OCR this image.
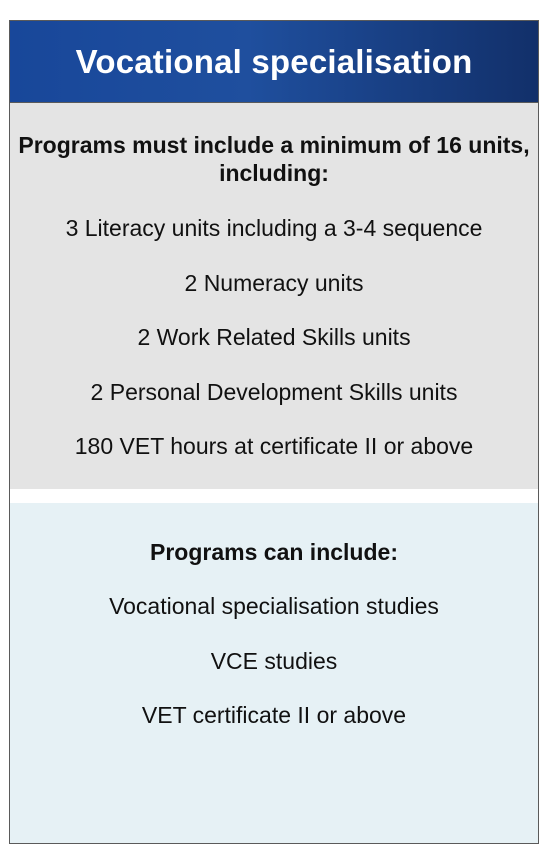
Vocational specialisation

Programs must include a minimum of 16 units, including:

3 Literacy units including a 3-4 sequence

2 Numeracy units

2 Work Related Skills units

2 Personal Development Skills units

180 VET hours at certificate II or above

Programs can include:

Vocational specialisation studies

VCE studies

VET certificate II or above
